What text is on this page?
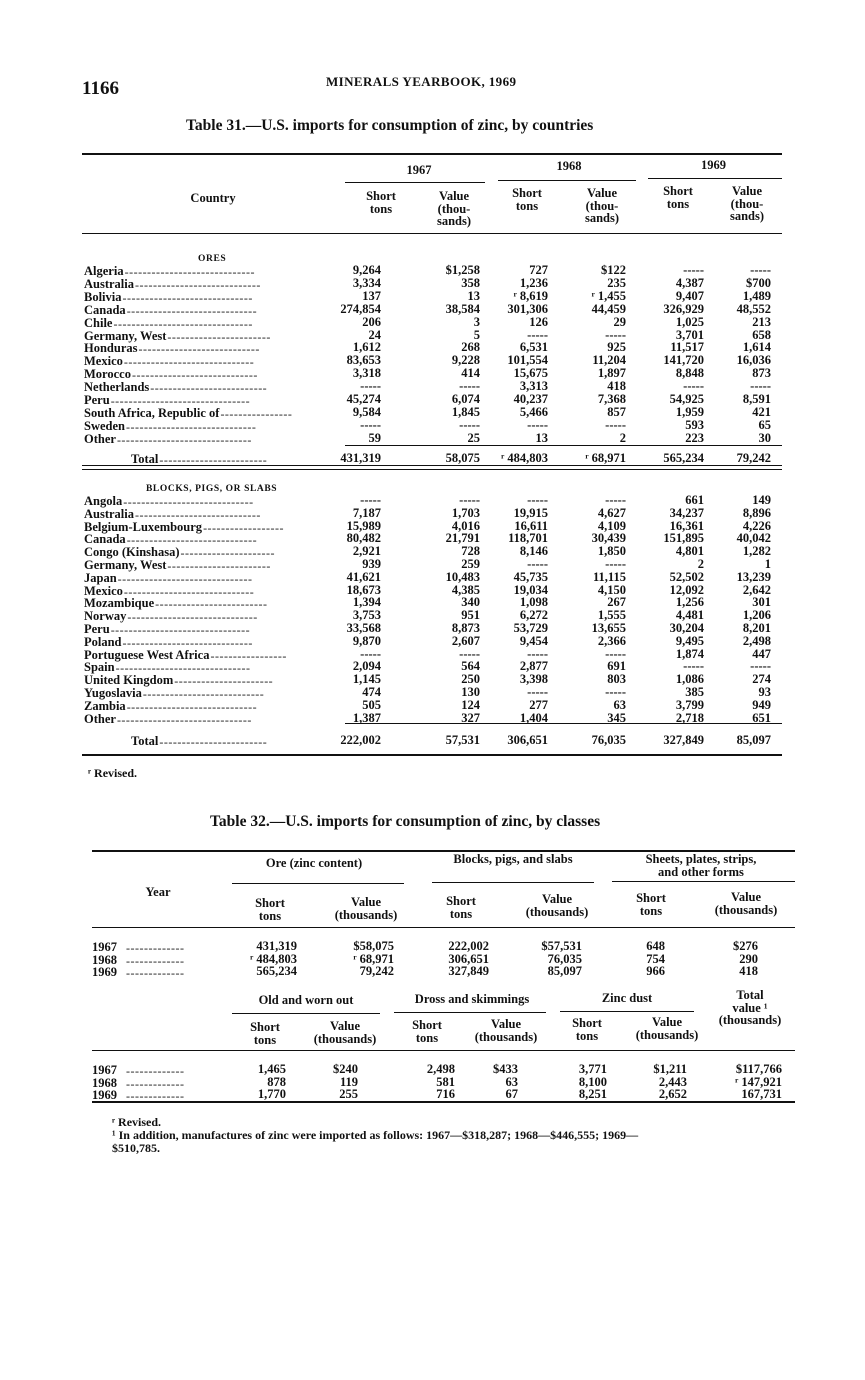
1166	MINERALS YEARBOOK, 1969
Table 31.—U.S. imports for consumption of zinc, by countries
Country
1967	1968	1969
Short
tons
Value
(thou-
sands)
Short
tons
Value
(thou-
sands)
Short
tons
Value
(thou-
sands)
ORES
Algeria -----------------------------	9,264	$1,258	727	$122	-----	-----
Australia ----------------------------	3,334	358	1,236	235	4,387	$700
Bolivia -----------------------------	137	13	ʳ 8,619	ʳ 1,455	9,407	1,489
Canada -----------------------------	274,854	38,584	301,306	44,459	326,929	48,552
Chile -------------------------------	206	3	126	29	1,025	213
Germany, West -----------------------	24	5	-----	-----	3,701	658
Honduras ---------------------------	1,612	268	6,531	925	11,517	1,614
Mexico -----------------------------	83,653	9,228	101,554	11,204	141,720	16,036
Morocco ----------------------------	3,318	414	15,675	1,897	8,848	873
Netherlands --------------------------	-----	-----	3,313	418	-----	-----
Peru -------------------------------	45,274	6,074	40,237	7,368	54,925	8,591
South Africa, Republic of ----------------	9,584	1,845	5,466	857	1,959	421
Sweden -----------------------------	-----	-----	-----	-----	593	65
Other ------------------------------	59	25	13	2	223	30
Total ------------------------	431,319	58,075	ʳ 484,803	ʳ 68,971	565,234	79,242
BLOCKS, PIGS, OR SLABS
Angola -----------------------------	-----	-----	-----	-----	661	149
Australia ----------------------------	7,187	1,703	19,915	4,627	34,237	8,896
Belgium-Luxembourg ------------------	15,989	4,016	16,611	4,109	16,361	4,226
Canada -----------------------------	80,482	21,791	118,701	30,439	151,895	40,042
Congo (Kinshasa) ---------------------	2,921	728	8,146	1,850	4,801	1,282
Germany, West -----------------------	939	259	-----	-----	2	1
Japan ------------------------------	41,621	10,483	45,735	11,115	52,502	13,239
Mexico -----------------------------	18,673	4,385	19,034	4,150	12,092	2,642
Mozambique -------------------------	1,394	340	1,098	267	1,256	301
Norway -----------------------------	3,753	951	6,272	1,555	4,481	1,206
Peru -------------------------------	33,568	8,873	53,729	13,655	30,204	8,201
Poland -----------------------------	9,870	2,607	9,454	2,366	9,495	2,498
Portuguese West Africa -----------------	-----	-----	-----	-----	1,874	447
Spain ------------------------------	2,094	564	2,877	691	-----	-----
United Kingdom ----------------------	1,145	250	3,398	803	1,086	274
Yugoslavia ---------------------------	474	130	-----	-----	385	93
Zambia -----------------------------	505	124	277	63	3,799	949
Other ------------------------------	1,387	327	1,404	345	2,718	651
Total ------------------------	222,002	57,531	306,651	76,035	327,849	85,097
ʳ Revised.
Table 32.—U.S. imports for consumption of zinc, by classes
Year
Ore (zinc content)	Blocks, pigs, and slabs	Sheets, plates, strips,
and other forms
Short
tons
Value
(thousands)
Short
tons
Value
(thousands)
Short
tons
Value
(thousands)
1967 -------------	431,319	$58,075	222,002	$57,531	648	$276
1968 -------------	ʳ 484,803	ʳ 68,971	306,651	76,035	754	290
1969 -------------	565,234	79,242	327,849	85,097	966	418
Old and worn out	Dross and skimmings	Zinc dust	Total
value ¹
(thousands)
Short
tons
Value
(thousands)
Short
tons
Value
(thousands)
Short
tons
Value
(thousands)
1967 -------------	1,465	$240	2,498	$433	3,771	$1,211	$117,766
1968 -------------	878	119	581	63	8,100	2,443	ʳ 147,921
1969 -------------	1,770	255	716	67	8,251	2,652	167,731
ʳ Revised.
¹ In addition, manufactures of zinc were imported as follows: 1967—$318,287; 1968—$446,555; 1969—
$510,785.
